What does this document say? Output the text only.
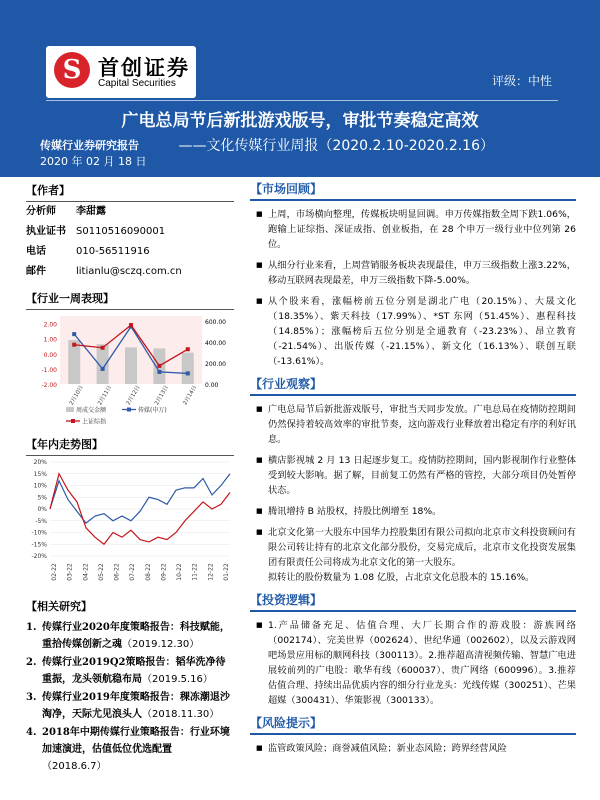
S 首创证券
Capital Securities	评级：中性
广电总局节后新批游戏版号，审批节奏稳定高效
传媒行业券研究报告
2020 年 02 月 18 日
——文化传媒行业周报（2020.2.10-2020.2.16）
【作者】
分析师	李甜露
执业证书	S0110516090001
电话	010-56511916
邮件	litianlu@sczq.com.cn
【行业一周表现】
2.00
1.00
0.00
-1.00
-2.00
600.00
400.00
200.00
0.00
2月10日	2月11日	2月12日	2月13日	2月14日
周成交金额	传媒(申万)
上证综指
【年内走势图】
20%
15%
10%
5%
0%
-5%
-10%
-15%
-20%
02-22 03-22 04-22 05-22 06-22 07-22 08-22 09-22 10-22 11-22 12-22 01-22
【相关研究】
1. 传媒行业2020年度策略报告：科技赋能，重拾传媒创新之魂（2019.12.30）
2. 传媒行业2019Q2策略报告：韬华洗净待重振，龙头领航稳布局（2019.5.16）
3. 传媒行业2019年度策略报告：稞冻潮退沙淘净，天际尤见浪头人（2018.11.30）
4. 2018年中期传媒行业策略报告：行业环境加速演进，估值低位优选配置（2018.6.7）
【市场回顾】
■ 上周，市场横向整理，传媒板块明显回调。申万传媒指数全周下跌1.06%，跑输上证综指、深证成指、创业板指，在 28 个申万一级行业中位列第 26 位。
■ 从细分行业来看，上周营销服务板块表现最佳，申万三级指数上涨3.22%，移动互联网表现最差，申万三级指数下降-5.00%。
■ 从个股来看，涨幅榜前五位分别是湖北广电（20.15%）、大晟文化（18.35%）、紫天科技（17.99%）、*ST 东网（51.45%）、惠程科技（14.85%）；涨幅榜后五位分别是全通教育（-23.23%）、昂立教育（-21.54%）、出版传媒（-21.15%）、新文化（16.13%）、联创互联（-13.61%）。
【行业观察】
■ 广电总局节后新批游戏版号，审批当天同步发放。广电总局在疫情防控期间仍然保持着较高效率的审批节奏，这向游戏行业释放着出稳定有序的利好讯息。
■ 横店影视城 2 月 13 日起逐步复工。疫情防控期间，国内影视制作行业整体受到较大影响。据了解，目前复工仍然有严格的管控，大部分项目仍处暂停状态。
■ 腾讯增持 B 站股权，持股比例增至 18%。
■ 北京文化第一大股东中国华力控股集团有限公司拟向北京市文科投资顾问有限公司转让持有的北京文化部分股份，交易完成后，北京市文化投资发展集团有限责任公司将成为北京文化的第一大股东。
拟转让的股份数量为 1.08 亿股，占北京文化总股本的 15.16%。
【投资逻辑】
■ 1.产品储备充足、估值合理、大厂长期合作的游戏股：游族网络（002174）、完美世界（002624）、世纪华通（002602），以及云游戏网吧场景应用标的顺网科技（300113）。2.推荐超高清视频传输、智慧广电进展较前列的广电股：歌华有线（600037）、贵广网络（600996）。3.推荐估值合理、持续出品优质内容的细分行业龙头：光线传媒（300251）、芒果超媒（300431）、华策影视（300133）。
【风险提示】
■ 监管政策风险；商誉减值风险；新业态风险；跨界经营风险
